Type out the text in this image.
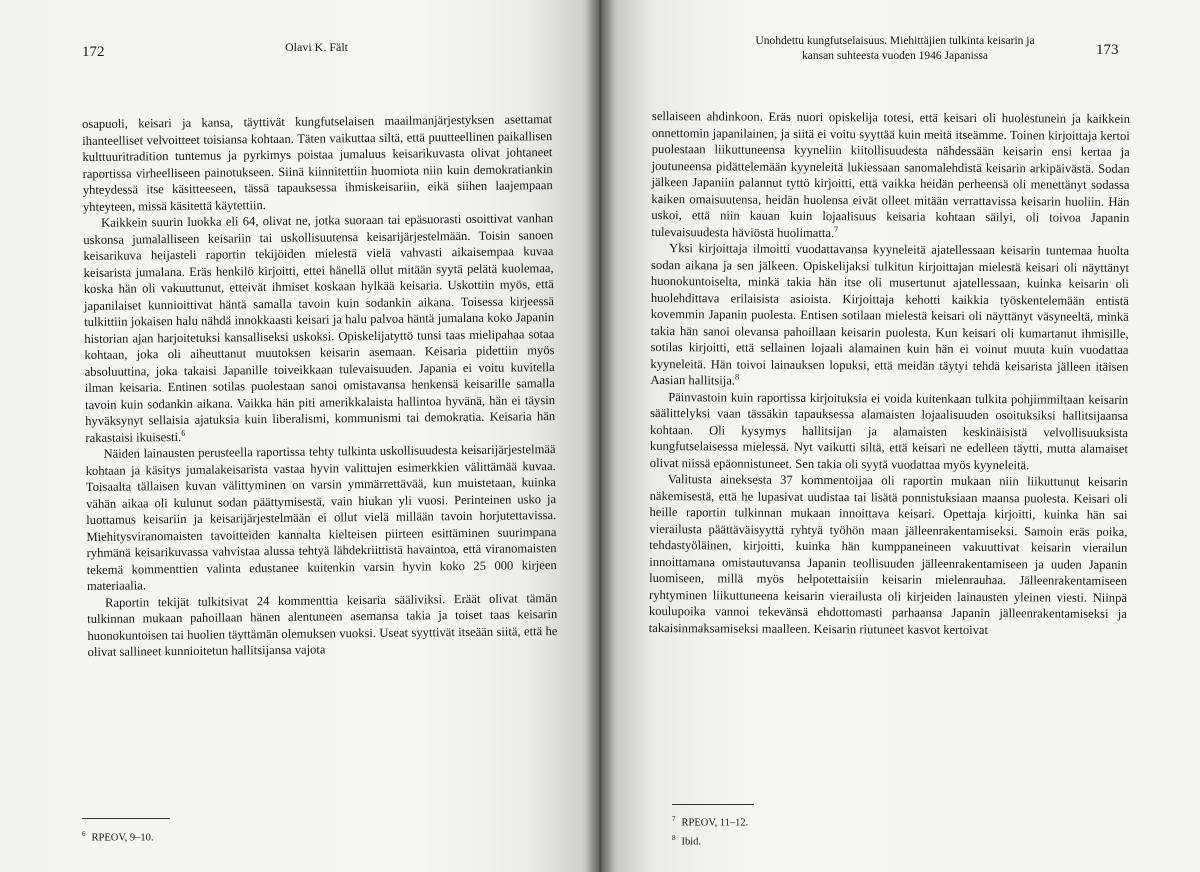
172	Olavi K. Fält

osapuoli, keisari ja kansa, täyttivät kungfutselaisen maailmanjärjestyksen asettamat ihanteelliset velvoitteet toisiansa kohtaan. Täten vaikuttaa siltä, että puutteellinen paikallisen kulttuuritradition tuntemus ja pyrkimys poistaa jumaluus keisarikuvasta olivat johtaneet raportissa virheelliseen painotukseen. Siinä kiinnitettiin huomiota niin kuin demokratiankin yhteydessä itse käsitteeseen, tässä tapauksessa ihmiskeisariin, eikä siihen laajempaan yhteyteen, missä käsitettä käytettiin.

Kaikkein suurin luokka eli 64, olivat ne, jotka suoraan tai epäsuorasti osoittivat vanhan uskonsa jumalalliseen keisariin tai uskollisuutensa keisarijärjestelmään. Toisin sanoen keisarikuva heijasteli raportin tekijöiden mielestä vielä vahvasti aikaisempaa kuvaa keisarista jumalana. Eräs henkilö kirjoitti, ettei hänellä ollut mitään syytä pelätä kuolemaa, koska hän oli vakuuttunut, etteivät ihmiset koskaan hylkää keisaria. Uskottiin myös, että japanilaiset kunnioittivat häntä samalla tavoin kuin sodankin aikana. Toisessa kirjeessä tulkittiin jokaisen halu nähdä innokkaasti keisari ja halu palvoa häntä jumalana koko Japanin historian ajan harjoitetuksi kansalliseksi uskoksi. Opiskelijatyttö tunsi taas mielipahaa sotaa kohtaan, joka oli aiheuttanut muutoksen keisarin asemaan. Keisaria pidettiin myös absoluuttina, joka takaisi Japanille toiveikkaan tulevaisuuden. Japania ei voitu kuvitella ilman keisaria. Entinen sotilas puolestaan sanoi omistavansa henkensä keisarille samalla tavoin kuin sodankin aikana. Vaikka hän piti amerikkalaista hallintoa hyvänä, hän ei täysin hyväksynyt sellaisia ajatuksia kuin liberalismi, kommunismi tai demokratia. Keisaria hän rakastaisi ikuisesti.$^6$

Näiden lainausten perusteella raportissa tehty tulkinta uskollisuudesta keisarijärjestelmää kohtaan ja käsitys jumalakeisarista vastaa hyvin valittujen esimerkkien välittämää kuvaa. Toisaalta tällaisen kuvan välittyminen on varsin ymmärrettävää, kun muistetaan, kuinka vähän aikaa oli kulunut sodan päättymisestä, vain hiukan yli vuosi. Perinteinen usko ja luottamus keisariin ja keisarijärjestelmään ei ollut vielä millään tavoin horjutettavissa. Miehitysviranomaisten tavoitteiden kannalta kielteisen piirteen esittäminen suurimpana ryhmänä keisarikuvassa vahvistaa alussa tehtyä lähdekriittistä havaintoa, että viranomaisten tekemä kommenttien valinta edustanee kuitenkin varsin hyvin koko 25 000 kirjeen materiaalia.

Raportin tekijät tulkitsivat 24 kommenttia keisaria sääliviksi. Eräät olivat tämän tulkinnan mukaan pahoillaan hänen alentuneen asemansa takia ja toiset taas keisarin huonokuntoisen tai huolien täyttämän olemuksen vuoksi. Useat syyttivät itseään siitä, että he olivat sallineet kunnioitetun hallitsijansa vajota

$^6$ RPEOV, 9–10.
Unohdettu kungfutselaisuus. Miehittäjien tulkinta keisarin ja
kansan suhteesta vuoden 1946 Japanissa	173

sellaiseen ahdinkoon. Eräs nuori opiskelija totesi, että keisari oli huolestunein ja kaikkein onnettomin japanilainen, ja siitä ei voitu syyttää kuin meitä itseämme. Toinen kirjoittaja kertoi puolestaan liikuttuneensa kyyneliin kiitollisuudesta nähdessään keisarin ensi kertaa ja joutuneensa pidättelemään kyyneleitä lukiessaan sanomalehdistä keisarin arkipäivästä. Sodan jälkeen Japaniin palannut tyttö kirjoitti, että vaikka heidän perheensä oli menettänyt sodassa kaiken omaisuutensa, heidän huolensa eivät olleet mitään verrattavissa keisarin huoliin. Hän uskoi, että niin kauan kuin lojaalisuus keisaria kohtaan säilyi, oli toivoa Japanin tulevaisuudesta häviöstä huolimatta.$^7$

Yksi kirjoittaja ilmoitti vuodattavansa kyyneleitä ajatellessaan keisarin tuntemaa huolta sodan aikana ja sen jälkeen. Opiskelijaksi tulkitun kirjoittajan mielestä keisari oli näyttänyt huonokuntoiselta, minkä takia hän itse oli musertunut ajatellessaan, kuinka keisarin oli huolehdittava erilaisista asioista. Kirjoittaja kehotti kaikkia työskentelemään entistä kovemmin Japanin puolesta. Entisen sotilaan mielestä keisari oli näyttänyt väsyneeltä, minkä takia hän sanoi olevansa pahoillaan keisarin puolesta. Kun keisari oli kumartanut ihmisille, sotilas kirjoitti, että sellainen lojaali alamainen kuin hän ei voinut muuta kuin vuodattaa kyyneleitä. Hän toivoi lainauksen lopuksi, että meidän täytyi tehdä keisarista jälleen itäisen Aasian hallitsija.$^8$

Päinvastoin kuin raportissa kirjoituksia ei voida kuitenkaan tulkita pohjimmiltaan keisarin säälittelyksi vaan tässäkin tapauksessa alamaisten lojaalisuuden osoituksiksi hallitsijaansa kohtaan. Oli kysymys hallitsijan ja alamaisten keskinäisistä velvollisuuksista kungfutselaisessa mielessä. Nyt vaikutti siltä, että keisari ne edelleen täytti, mutta alamaiset olivat niissä epäonnistuneet. Sen takia oli syytä vuodattaa myös kyyneleitä.

Valitusta aineksesta 37 kommentoijaa oli raportin mukaan niin liikuttunut keisarin näkemisestä, että he lupasivat uudistaa tai lisätä ponnistuksiaan maansa puolesta. Keisari oli heille raportin tulkinnan mukaan innoittava keisari. Opettaja kirjoitti, kuinka hän sai vierailusta päättäväisyyttä ryhtyä työhön maan jälleenrakentamiseksi. Samoin eräs poika, tehdastyöläinen, kirjoitti, kuinka hän kumppaneineen vakuuttivat keisarin vierailun innoittamana omistautuvansa Japanin teollisuuden jälleenrakentamiseen ja uuden Japanin luomiseen, millä myös helpotettaisiin keisarin mielenrauhaa. Jälleenrakentamiseen ryhtyminen liikuttuneena keisarin vierailusta oli kirjeiden lainausten yleinen viesti. Niinpä koulupoika vannoi tekevänsä ehdottomasti parhaansa Japanin jälleenrakentamiseksi ja takaisinmaksamiseksi maalleen. Keisarin riutuneet kasvot kertoivat

$^7$ RPEOV, 11–12.
$^8$ Ibid.
